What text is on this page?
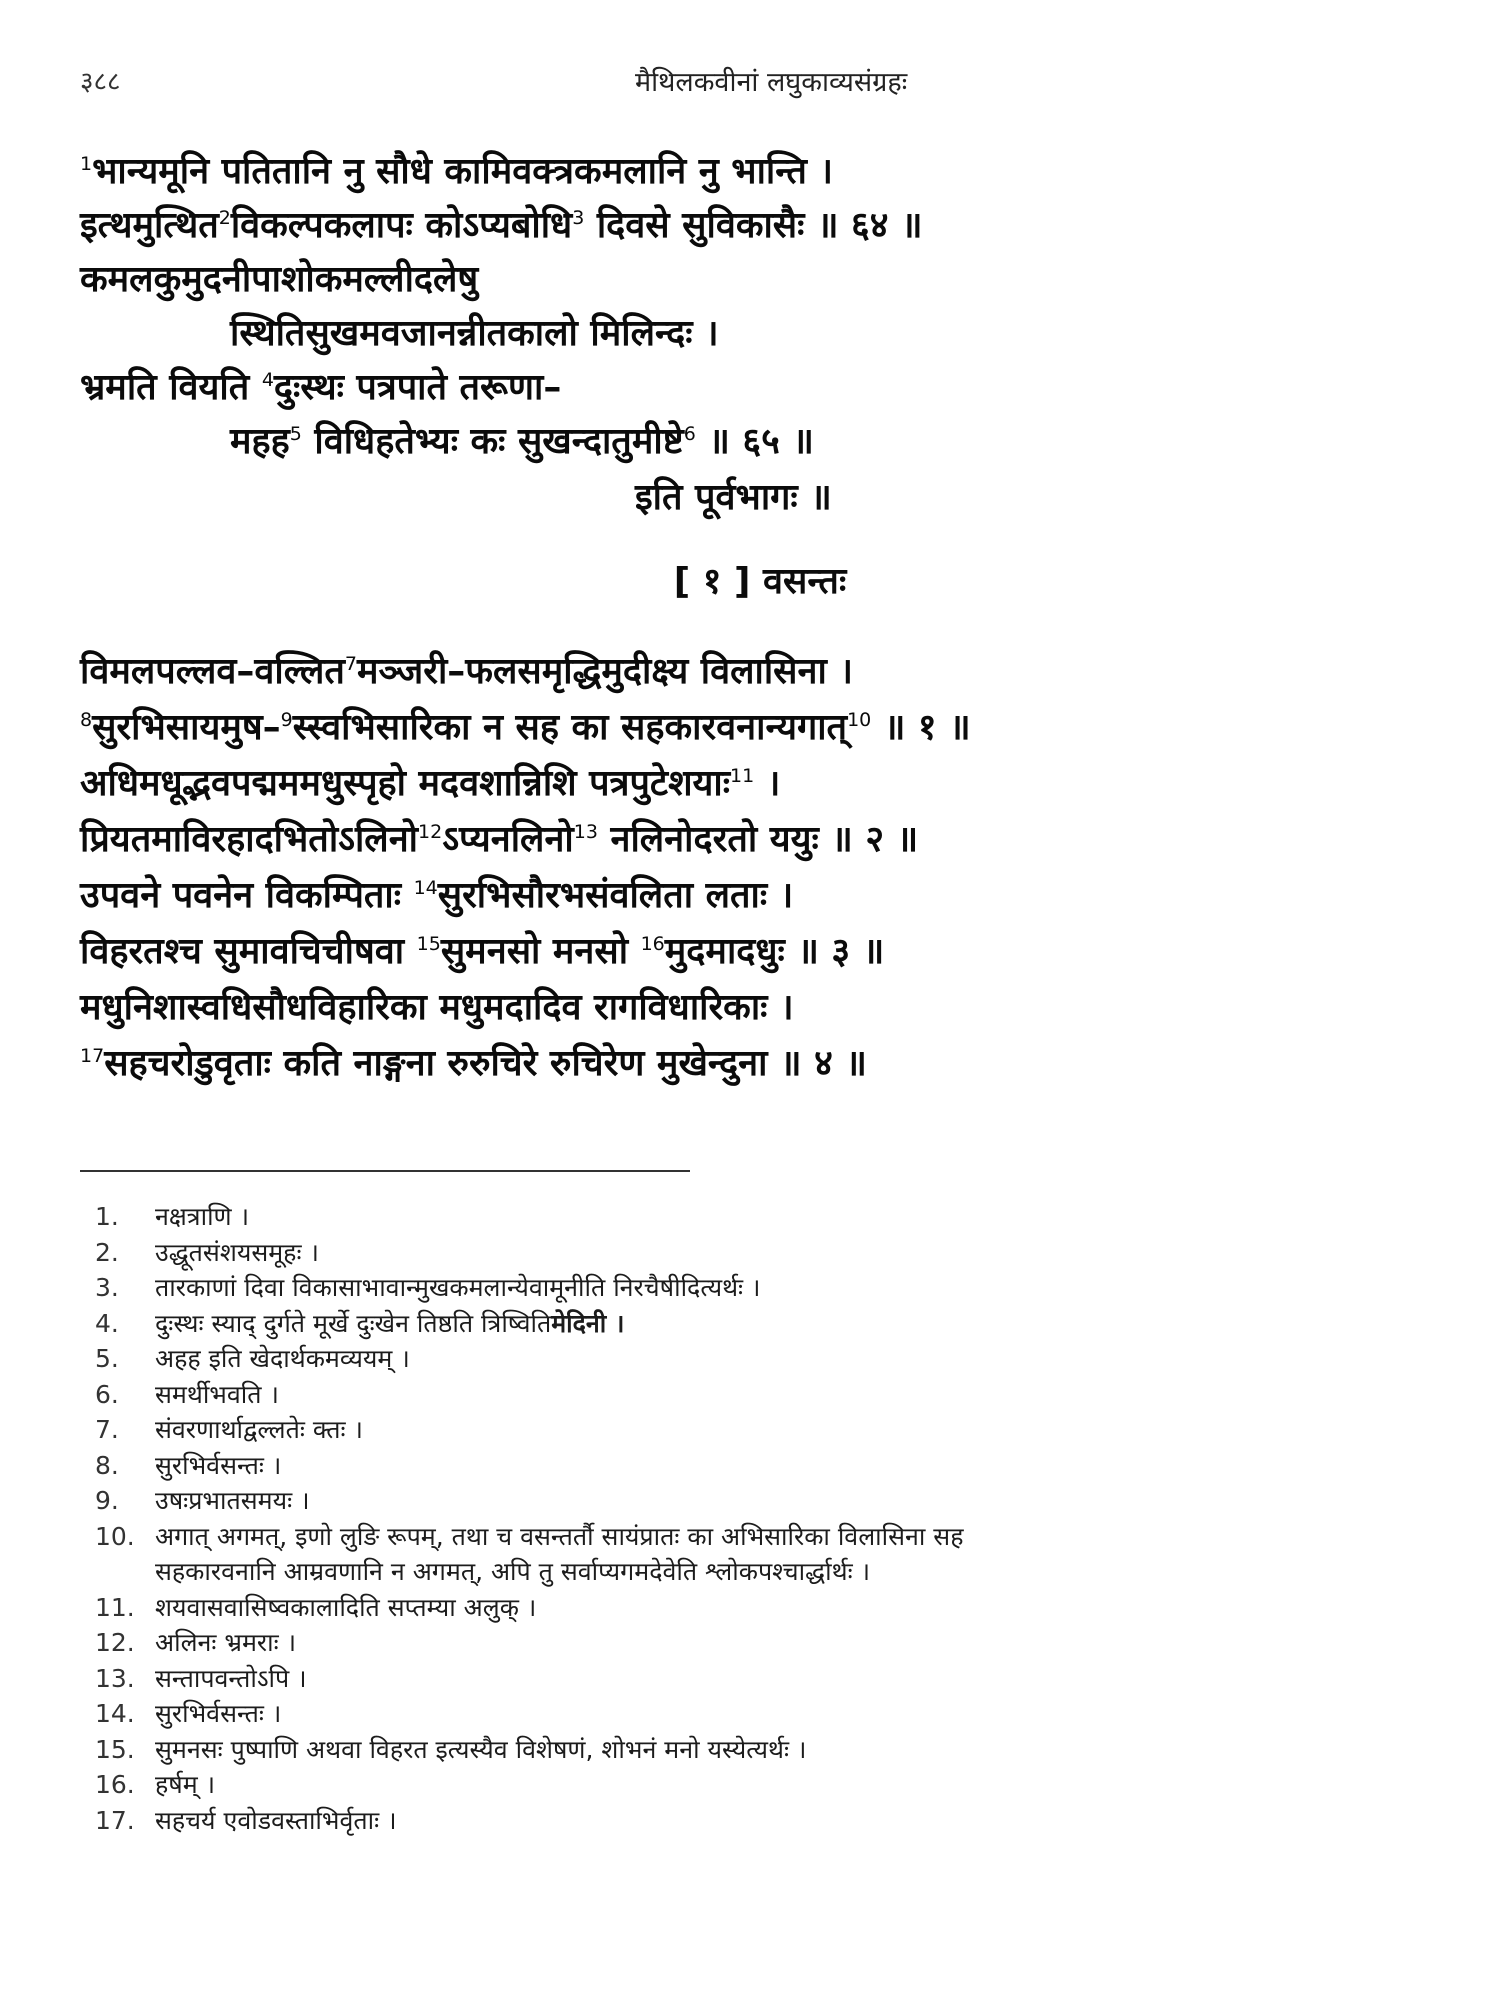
३८८	मैथिलकवीनां लघुकाव्यसंग्रहः
$^1$भान्यमूनि पतितानि नु सौधे कामिवक्त्रकमलानि नु भान्ति ।
इत्थमुत्थित$^2$विकल्पकलापः कोऽप्यबोधि$^3$ दिवसे सुविकासैः ॥ ६४ ॥
कमलकुमुदनीपाशोकमल्लीदलेषु
स्थितिसुखमवजानन्नीतकालो मिलिन्दः ।
भ्रमति वियति $^4$दुःस्थः पत्रपाते तरूणा–
महह$^5$ विधिहतेभ्यः कः सुखन्दातुमीष्टे$^6$ ॥ ६५ ॥
इति पूर्वभागः ॥
[ १ ] वसन्तः
विमलपल्लव–वल्लित$^7$मञ्जरी–फलसमृद्धिमुदीक्ष्य विलासिना ।
$^8$सुरभिसायमुष–$^9$स्स्वभिसारिका न सह का सहकारवनान्यगात्$^{10}$ ॥ १ ॥
अधिमधूद्भवपद्मममधुस्पृहो मदवशान्निशि पत्रपुटेशयाः$^{11}$ ।
प्रियतमाविरहादभितोऽलिनो$^{12}$ऽप्यनलिनो$^{13}$ नलिनोदरतो ययुः ॥ २ ॥
उपवने पवनेन विकम्पिताः $^{14}$सुरभिसौरभसंवलिता लताः ।
विहरतश्च सुमावचिचीषवा $^{15}$सुमनसो मनसो $^{16}$मुदमादधुः ॥ ३ ॥
मधुनिशास्वधिसौधविहारिका मधुमदादिव रागविधारिकाः ।
$^{17}$सहचरोडुवृताः कति नाङ्गना रुरुचिरे रुचिरेण मुखेन्दुना ॥ ४ ॥
1. नक्षत्राणि ।
2. उद्धूतसंशयसमूहः ।
3. तारकाणां दिवा विकासाभावान्मुखकमलान्येवामूनीति निरचैषीदित्यर्थः ।
4. दुःस्थः स्याद् दुर्गते मूर्खे दुःखेन तिष्ठति त्रिष्वितिमेदिनी ।
5. अहह इति खेदार्थकमव्ययम् ।
6. समर्थीभवति ।
7. संवरणार्थाद्वल्लतेः क्तः ।
8. सुरभिर्वसन्तः ।
9. उषःप्रभातसमयः ।
10. अगात् अगमत्, इणो लुङि रूपम्, तथा च वसन्तर्तौ सायंप्रातः का अभिसारिका विलासिना सह
सहकारवनानि आम्रवणानि न अगमत्, अपि तु सर्वाप्यगमदेवेति श्लोकपश्चार्द्धार्थः ।
11. शयवासवासिष्वकालादिति सप्तम्या अलुक् ।
12. अलिनः भ्रमराः ।
13. सन्तापवन्तोऽपि ।
14. सुरभिर्वसन्तः ।
15. सुमनसः पुष्पाणि अथवा विहरत इत्यस्यैव विशेषणं, शोभनं मनो यस्येत्यर्थः ।
16. हर्षम् ।
17. सहचर्य एवोडवस्ताभिर्वृताः ।
